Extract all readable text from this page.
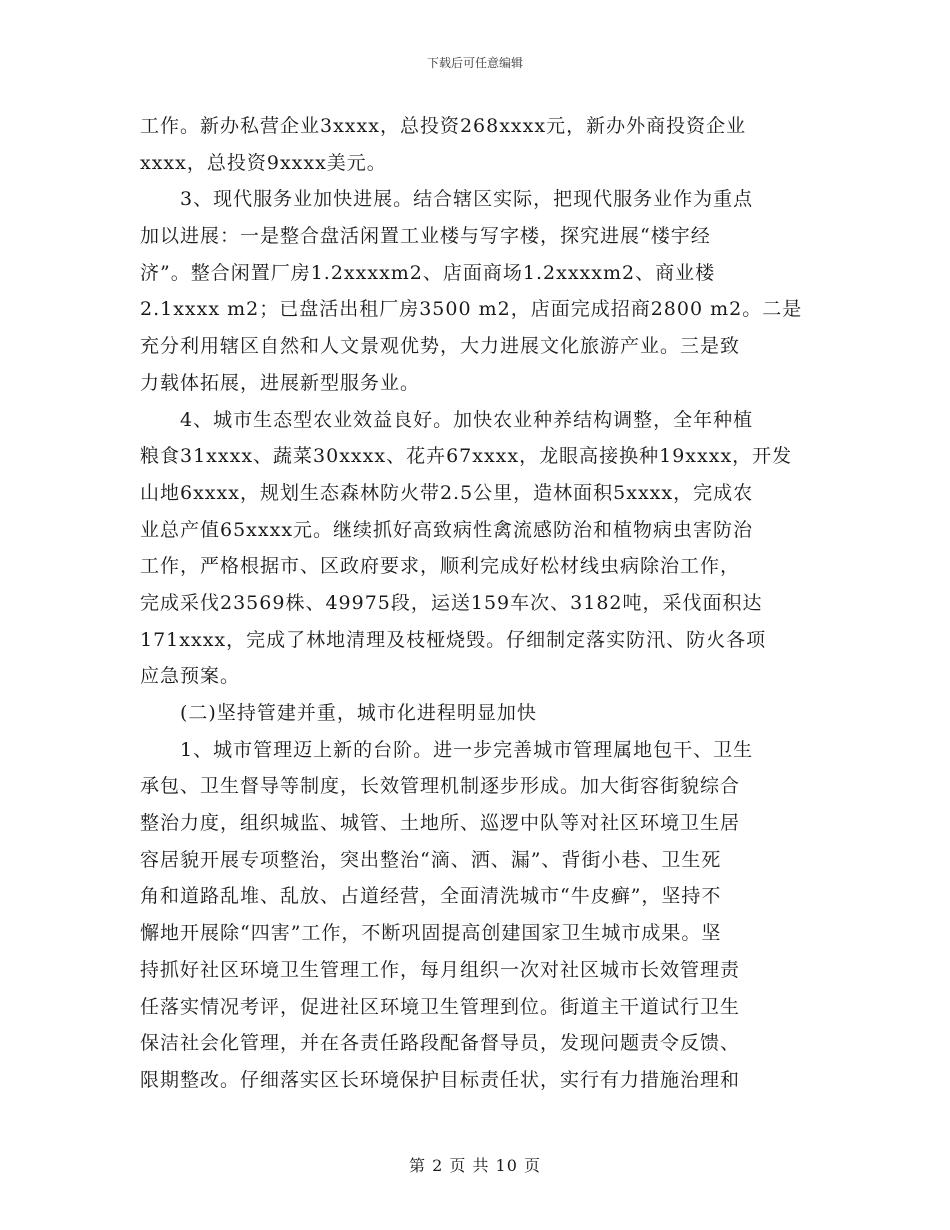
下载后可任意编辑
工作。新办私营企业3xxxx，总投资268xxxx元，新办外商投资企业
xxxx，总投资9xxxx美元。
　　3、现代服务业加快进展。结合辖区实际，把现代服务业作为重点
加以进展：一是整合盘活闲置工业楼与写字楼，探究进展“楼宇经
济”。整合闲置厂房1.2xxxxm2、店面商场1.2xxxxm2、商业楼
2.1xxxx m2；已盘活出租厂房3500 m2，店面完成招商2800 m2。二是
充分利用辖区自然和人文景观优势，大力进展文化旅游产业。三是致
力载体拓展，进展新型服务业。
　　4、城市生态型农业效益良好。加快农业种养结构调整，全年种植
粮食31xxxx、蔬菜30xxxx、花卉67xxxx，龙眼高接换种19xxxx，开发
山地6xxxx，规划生态森林防火带2.5公里，造林面积5xxxx，完成农
业总产值65xxxx元。继续抓好高致病性禽流感防治和植物病虫害防治
工作，严格根据市、区政府要求，顺利完成好松材线虫病除治工作，
完成采伐23569株、49975段，运送159车次、3182吨，采伐面积达
171xxxx，完成了林地清理及枝桠烧毁。仔细制定落实防汛、防火各项
应急预案。
　　(二)坚持管建并重，城市化进程明显加快
　　1、城市管理迈上新的台阶。进一步完善城市管理属地包干、卫生
承包、卫生督导等制度，长效管理机制逐步形成。加大街容街貌综合
整治力度，组织城监、城管、土地所、巡逻中队等对社区环境卫生居
容居貌开展专项整治，突出整治“滴、洒、漏”、背街小巷、卫生死
角和道路乱堆、乱放、占道经营，全面清洗城市“牛皮癣”，坚持不
懈地开展除“四害”工作，不断巩固提高创建国家卫生城市成果。坚
持抓好社区环境卫生管理工作，每月组织一次对社区城市长效管理责
任落实情况考评，促进社区环境卫生管理到位。街道主干道试行卫生
保洁社会化管理，并在各责任路段配备督导员，发现问题责令反馈、
限期整改。仔细落实区长环境保护目标责任状，实行有力措施治理和
第 2 页 共 10 页
